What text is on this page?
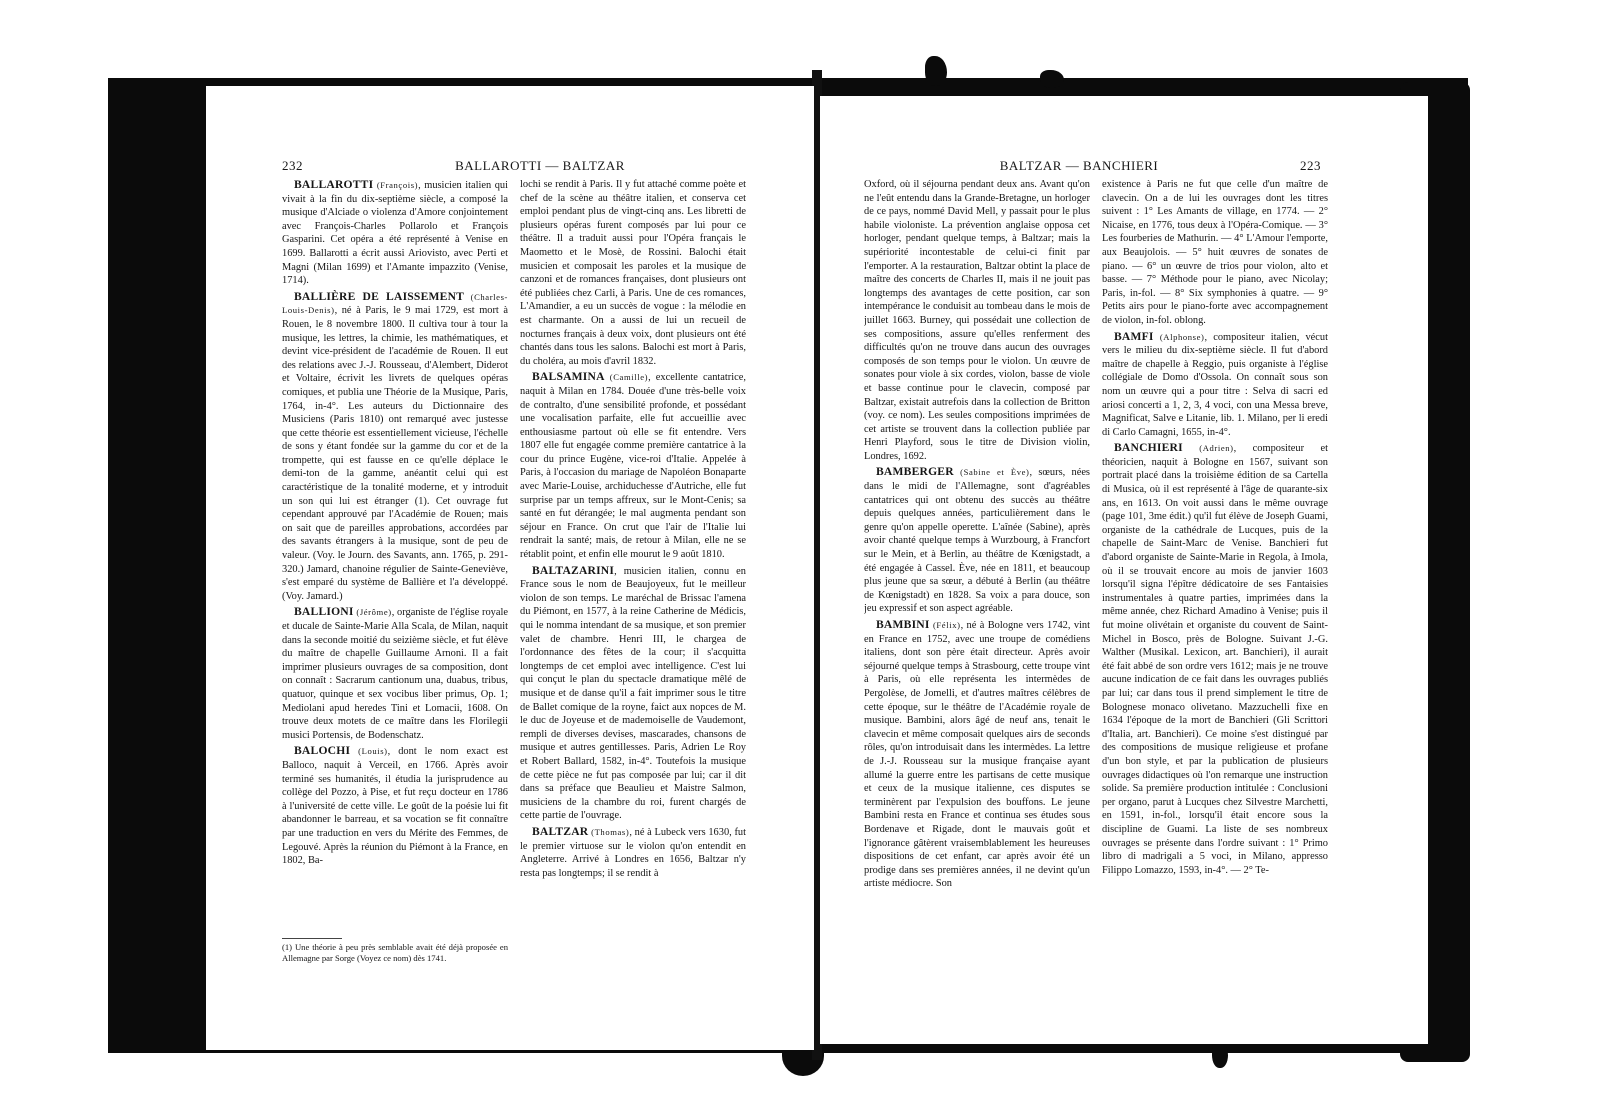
232	BALLAROTTI — BALTZAR

BALLAROTTI (François), musicien italien qui vivait à la fin du dix-septième siècle, a composé la musique d'Alciade o violenza d'Amore conjointement avec François-Charles Pollarolo et François Gasparini. Cet opéra a été représenté à Venise en 1699. Ballarotti a écrit aussi Ariovisto, avec Perti et Magni (Milan 1699) et l'Amante impazzito (Venise, 1714).

BALLIÈRE DE LAISSEMENT (Charles-Louis-Denis), né à Paris, le 9 mai 1729, est mort à Rouen, le 8 novembre 1800. Il cultiva tour à tour la musique, les lettres, la chimie, les mathématiques, et devint vice-président de l'académie de Rouen. Il eut des relations avec J.-J. Rousseau, d'Alembert, Diderot et Voltaire, écrivit les livrets de quelques opéras comiques, et publia une Théorie de la Musique, Paris, 1764, in-4°. Les auteurs du Dictionnaire des Musiciens (Paris 1810) ont remarqué avec justesse que cette théorie est essentiellement vicieuse, l'échelle de sons y étant fondée sur la gamme du cor et de la trompette, qui est fausse en ce qu'elle déplace le demi-ton de la gamme, anéantit celui qui est caractéristique de la tonalité moderne, et y introduit un son qui lui est étranger (1). Cet ouvrage fut cependant approuvé par l'Académie de Rouen; mais on sait que de pareilles approbations, accordées par des savants étrangers à la musique, sont de peu de valeur. (Voy. le Journ. des Savants, ann. 1765, p. 291-320.) Jamard, chanoine régulier de Sainte-Geneviève, s'est emparé du système de Ballière et l'a développé. (Voy. Jamard.)

BALLIONI (Jérôme), organiste de l'église royale et ducale de Sainte-Marie Alla Scala, de Milan, naquit dans la seconde moitié du seizième siècle, et fut élève du maître de chapelle Guillaume Arnoni. Il a fait imprimer plusieurs ouvrages de sa composition, dont on connaît : Sacrarum cantionum una, duabus, tribus, quatuor, quinque et sex vocibus liber primus, Op. 1; Mediolani apud heredes Tini et Lomacii, 1608. On trouve deux motets de ce maître dans les Florilegii musici Portensis, de Bodenschatz.

BALOCHI (Louis), dont le nom exact est Balloco, naquit à Verceil, en 1766. Après avoir terminé ses humanités, il étudia la jurisprudence au collège del Pozzo, à Pise, et fut reçu docteur en 1786 à l'université de cette ville. Le goût de la poésie lui fit abandonner le barreau, et sa vocation se fit connaître par une traduction en vers du Mérite des Femmes, de Legouvé. Après la réunion du Piémont à la France, en 1802, Ba-

(1) Une théorie à peu près semblable avait été déjà proposée en Allemagne par Sorge (Voyez ce nom) dès 1741.

lochi se rendit à Paris. Il y fut attaché comme poète et chef de la scène au théâtre italien, et conserva cet emploi pendant plus de vingt-cinq ans. Les libretti de plusieurs opéras furent composés par lui pour ce théâtre. Il a traduit aussi pour l'Opéra français le Maometto et le Mosè, de Rossini. Balochi était musicien et composait les paroles et la musique de canzoni et de romances françaises, dont plusieurs ont été publiées chez Carli, à Paris. Une de ces romances, L'Amandier, a eu un succès de vogue : la mélodie en est charmante. On a aussi de lui un recueil de nocturnes français à deux voix, dont plusieurs ont été chantés dans tous les salons. Balochi est mort à Paris, du choléra, au mois d'avril 1832.

BALSAMINA (Camille), excellente cantatrice, naquit à Milan en 1784. Douée d'une très-belle voix de contralto, d'une sensibilité profonde, et possédant une vocalisation parfaite, elle fut accueillie avec enthousiasme partout où elle se fit entendre. Vers 1807 elle fut engagée comme première cantatrice à la cour du prince Eugène, vice-roi d'Italie. Appelée à Paris, à l'occasion du mariage de Napoléon Bonaparte avec Marie-Louise, archiduchesse d'Autriche, elle fut surprise par un temps affreux, sur le Mont-Cenis; sa santé en fut dérangée; le mal augmenta pendant son séjour en France. On crut que l'air de l'Italie lui rendrait la santé; mais, de retour à Milan, elle ne se rétablit point, et enfin elle mourut le 9 août 1810.

BALTAZARINI, musicien italien, connu en France sous le nom de Beaujoyeux, fut le meilleur violon de son temps. Le maréchal de Brissac l'amena du Piémont, en 1577, à la reine Catherine de Médicis, qui le nomma intendant de sa musique, et son premier valet de chambre. Henri III, le chargea de l'ordonnance des fêtes de la cour; il s'acquitta longtemps de cet emploi avec intelligence. C'est lui qui conçut le plan du spectacle dramatique mêlé de musique et de danse qu'il a fait imprimer sous le titre de Ballet comique de la royne, faict aux nopces de M. le duc de Joyeuse et de mademoiselle de Vaudemont, rempli de diverses devises, mascarades, chansons de musique et autres gentillesses. Paris, Adrien Le Roy et Robert Ballard, 1582, in-4°. Toutefois la musique de cette pièce ne fut pas composée par lui; car il dit dans sa préface que Beaulieu et Maistre Salmon, musiciens de la chambre du roi, furent chargés de cette partie de l'ouvrage.

BALTZAR (Thomas), né à Lubeck vers 1630, fut le premier virtuose sur le violon qu'on entendit en Angleterre. Arrivé à Londres en 1656, Baltzar n'y resta pas longtemps; il se rendit à

BALTZAR — BANCHIERI	223

Oxford, où il séjourna pendant deux ans. Avant qu'on ne l'eût entendu dans la Grande-Bretagne, un horloger de ce pays, nommé David Mell, y passait pour le plus habile violoniste. La prévention anglaise opposa cet horloger, pendant quelque temps, à Baltzar; mais la supériorité incontestable de celui-ci finit par l'emporter. A la restauration, Baltzar obtint la place de maître des concerts de Charles II, mais il ne jouit pas longtemps des avantages de cette position, car son intempérance le conduisit au tombeau dans le mois de juillet 1663. Burney, qui possédait une collection de ses compositions, assure qu'elles renferment des difficultés qu'on ne trouve dans aucun des ouvrages composés de son temps pour le violon. Un œuvre de sonates pour viole à six cordes, violon, basse de viole et basse continue pour le clavecin, composé par Baltzar, existait autrefois dans la collection de Britton (voy. ce nom). Les seules compositions imprimées de cet artiste se trouvent dans la collection publiée par Henri Playford, sous le titre de Division violin, Londres, 1692.

BAMBERGER (Sabine et Ève), sœurs, nées dans le midi de l'Allemagne, sont d'agréables cantatrices qui ont obtenu des succès au théâtre depuis quelques années, particulièrement dans le genre qu'on appelle operette. L'aînée (Sabine), après avoir chanté quelque temps à Wurzbourg, à Francfort sur le Mein, et à Berlin, au théâtre de Kœnigstadt, a été engagée à Cassel. Ève, née en 1811, et beaucoup plus jeune que sa sœur, a débuté à Berlin (au théâtre de Kœnigstadt) en 1828. Sa voix a para douce, son jeu expressif et son aspect agréable.

BAMBINI (Félix), né à Bologne vers 1742, vint en France en 1752, avec une troupe de comédiens italiens, dont son père était directeur. Après avoir séjourné quelque temps à Strasbourg, cette troupe vint à Paris, où elle représenta les intermèdes de Pergolèse, de Jomelli, et d'autres maîtres célèbres de cette époque, sur le théâtre de l'Académie royale de musique. Bambini, alors âgé de neuf ans, tenait le clavecin et même composait quelques airs de seconds rôles, qu'on introduisait dans les intermèdes. La lettre de J.-J. Rousseau sur la musique française ayant allumé la guerre entre les partisans de cette musique et ceux de la musique italienne, ces disputes se terminèrent par l'expulsion des bouffons. Le jeune Bambini resta en France et continua ses études sous Bordenave et Rigade, dont le mauvais goût et l'ignorance gâtèrent vraisemblablement les heureuses dispositions de cet enfant, car après avoir été un prodige dans ses premières années, il ne devint qu'un artiste médiocre. Son

existence à Paris ne fut que celle d'un maître de clavecin. On a de lui les ouvrages dont les titres suivent : 1° Les Amants de village, en 1774. — 2° Nicaise, en 1776, tous deux à l'Opéra-Comique. — 3° Les fourberies de Mathurin. — 4° L'Amour l'emporte, aux Beaujolois. — 5° huit œuvres de sonates de piano. — 6° un œuvre de trios pour violon, alto et basse. — 7° Méthode pour le piano, avec Nicolay; Paris, in-fol. — 8° Six symphonies à quatre. — 9° Petits airs pour le piano-forte avec accompagnement de violon, in-fol. oblong.

BAMFI (Alphonse), compositeur italien, vécut vers le milieu du dix-septième siècle. Il fut d'abord maître de chapelle à Reggio, puis organiste à l'église collégiale de Domo d'Ossola. On connaît sous son nom un œuvre qui a pour titre : Selva di sacri ed ariosi concerti a 1, 2, 3, 4 voci, con una Messa breve, Magnificat, Salve e Litanie, lib. 1. Milano, per li eredi di Carlo Camagni, 1655, in-4°.

BANCHIERI (Adrien), compositeur et théoricien, naquit à Bologne en 1567, suivant son portrait placé dans la troisième édition de sa Cartella di Musica, où il est représenté à l'âge de quarante-six ans, en 1613. On voit aussi dans le même ouvrage (page 101, 3me édit.) qu'il fut élève de Joseph Guami, organiste de la cathédrale de Lucques, puis de la chapelle de Saint-Marc de Venise. Banchieri fut d'abord organiste de Sainte-Marie in Regola, à Imola, où il se trouvait encore au mois de janvier 1603 lorsqu'il signa l'épître dédicatoire de ses Fantaisies instrumentales à quatre parties, imprimées dans la même année, chez Richard Amadino à Venise; puis il fut moine olivétain et organiste du couvent de Saint-Michel in Bosco, près de Bologne. Suivant J.-G. Walther (Musikal. Lexicon, art. Banchieri), il aurait été fait abbé de son ordre vers 1612; mais je ne trouve aucune indication de ce fait dans les ouvrages publiés par lui; car dans tous il prend simplement le titre de Bolognese monaco olivetano. Mazzuchelli fixe en 1634 l'époque de la mort de Banchieri (Gli Scrittori d'Italia, art. Banchieri). Ce moine s'est distingué par des compositions de musique religieuse et profane d'un bon style, et par la publication de plusieurs ouvrages didactiques où l'on remarque une instruction solide. Sa première production intitulée : Conclusioni per organo, parut à Lucques chez Silvestre Marchetti, en 1591, in-fol., lorsqu'il était encore sous la discipline de Guami. La liste de ses nombreux ouvrages se présente dans l'ordre suivant : 1° Primo libro di madrigali a 5 voci, in Milano, appresso Filippo Lomazzo, 1593, in-4°. — 2° Te-
